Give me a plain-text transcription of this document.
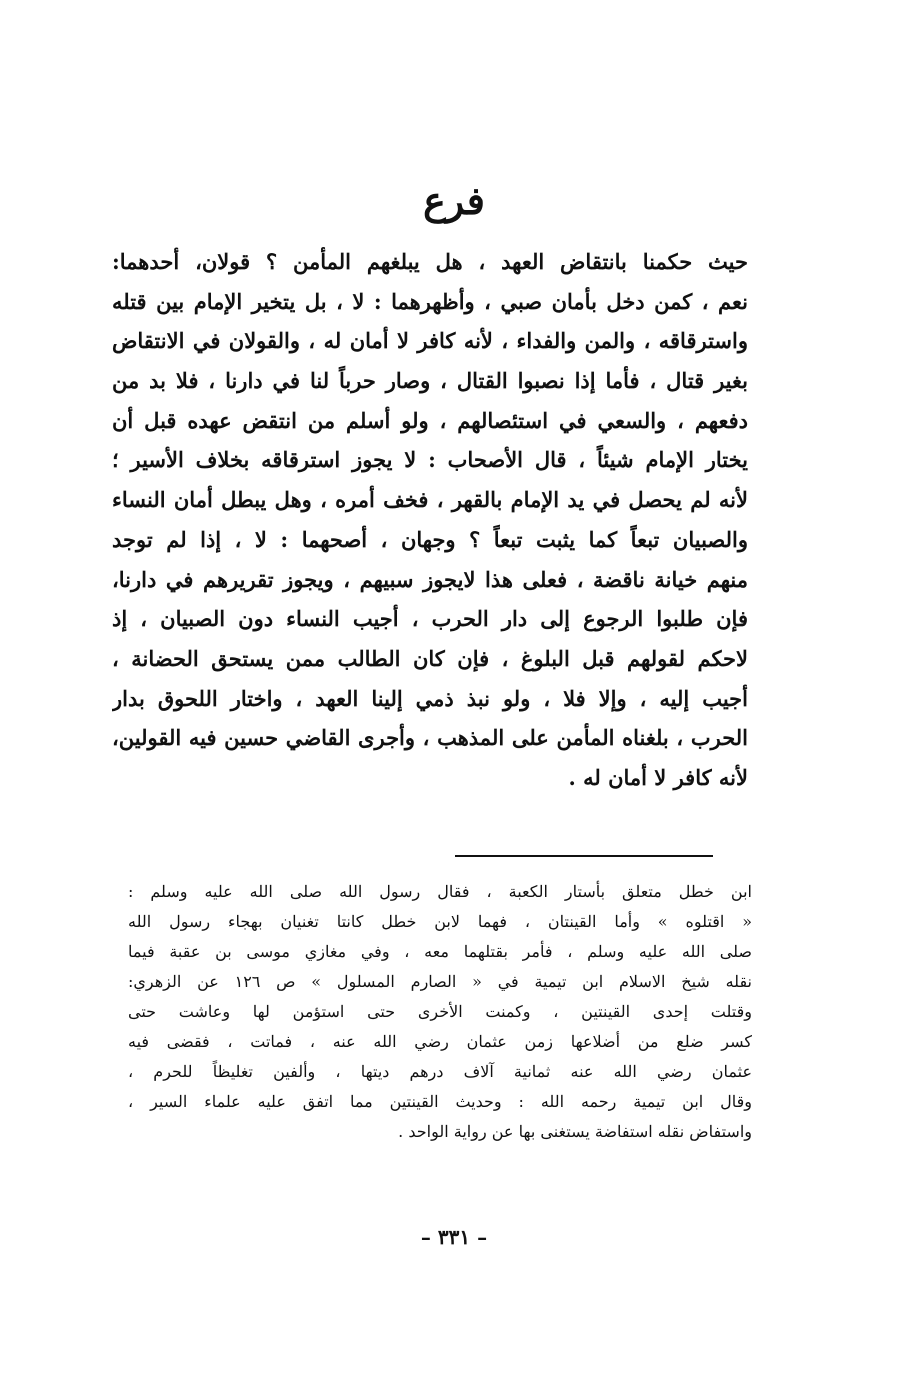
فرع
حيث حكمنا بانتقاض العهد ، هل يبلغهم المأمن ؟ قولان، أحدهما:
نعم ، كمن دخل بأمان صبي ، وأظهرهما : لا ، بل يتخير الإمام بين قتله
واسترقاقه ، والمن والفداء ، لأنه كافر لا أمان له ، والقولان في الانتقاض
بغير قتال ، فأما إذا نصبوا القتال ، وصار حرباً لنا في دارنا ، فلا بد من
دفعهم ، والسعي في استئصالهم ، ولو أسلم من انتقض عهده قبل أن
يختار الإمام شيئاً ، قال الأصحاب : لا يجوز استرقاقه بخلاف الأسير ؛
لأنه لم يحصل في يد الإمام بالقهر ، فخف أمره ، وهل يبطل أمان النساء
والصبيان تبعاً كما يثبت تبعاً ؟ وجهان ، أصحهما : لا ، إذا لم توجد
منهم خيانة ناقضة ، فعلى هذا لايجوز سبيهم ، ويجوز تقريرهم في دارنا،
فإن طلبوا الرجوع إلى دار الحرب ، أجيب النساء دون الصبيان ، إذ
لاحكم لقولهم قبل البلوغ ، فإن كان الطالب ممن يستحق الحضانة ،
أجيب إليه ، وإلا فلا ، ولو نبذ ذمي إلينا العهد ، واختار اللحوق بدار
الحرب ، بلغناه المأمن على المذهب ، وأجرى القاضي حسين فيه القولين،
لأنه كافر لا أمان له .
ابن خطل متعلق بأستار الكعبة ، فقال رسول الله صلى الله عليه وسلم :
« اقتلوه » وأما القينتان ، فهما لابن خطل كانتا تغنيان بهجاء رسول الله
صلى الله عليه وسلم ، فأمر بقتلهما معه ، وفي مغازي موسى بن عقبة فيما
نقله شيخ الاسلام ابن تيمية في « الصارم المسلول » ص ١٢٦ عن الزهري:
وقتلت إحدى القينتين ، وكمنت الأخرى حتى استؤمن لها وعاشت حتى
كسر ضلع من أضلاعها زمن عثمان رضي الله عنه ، فماتت ، فقضى فيه
عثمان رضي الله عنه ثمانية آلاف درهم ديتها ، وألفين تغليظاً للحرم ،
وقال ابن تيمية رحمه الله : وحديث القينتين مما اتفق عليه علماء السير ،
واستفاض نقله استفاضة يستغنى بها عن رواية الواحد .
– ٣٣١ –
